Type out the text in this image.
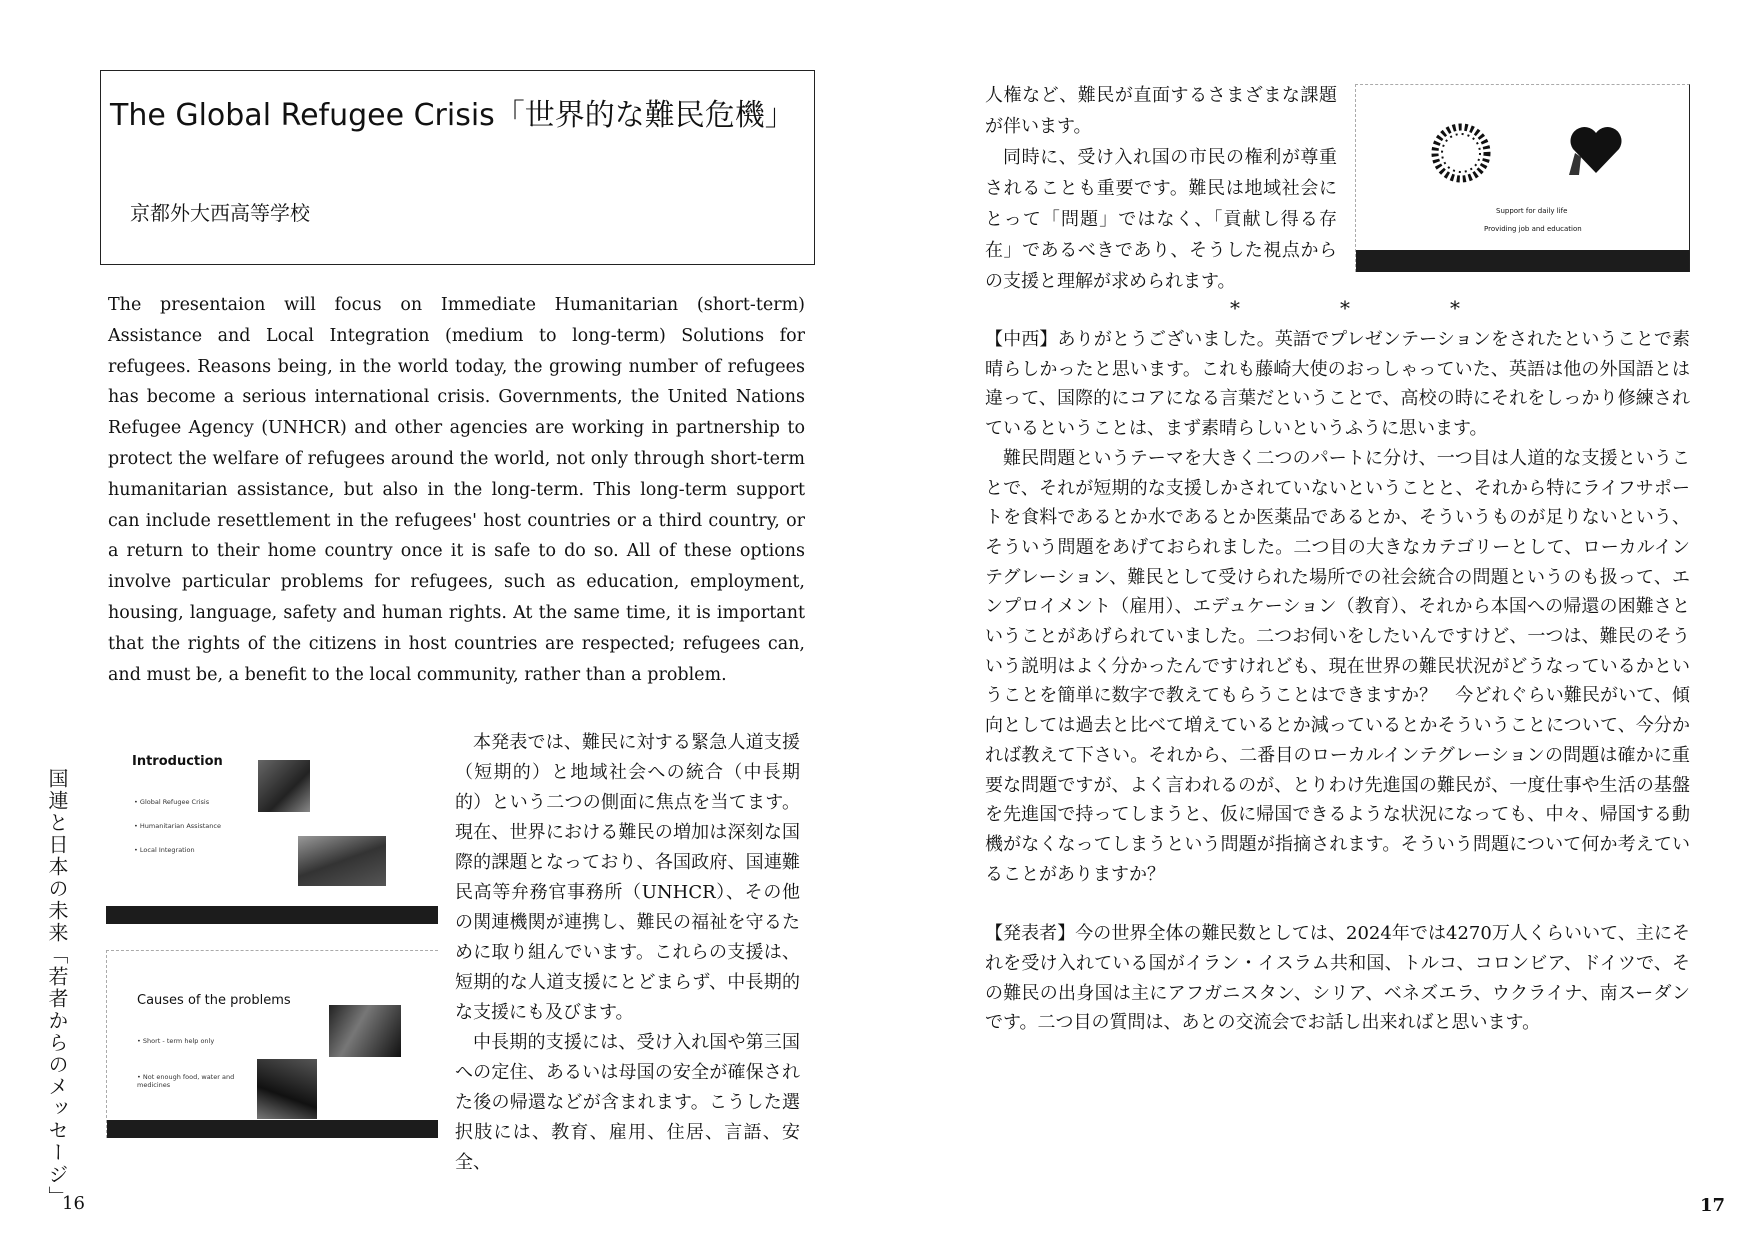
The Global Refugee Crisis「世界的な難民危機」
京都外大西高等学校
The presentaion will focus on Immediate Humanitarian (short-term) Assistance and Local Integration (medium to long-term) Solutions for refugees. Reasons being, in the world today, the growing number of refugees has become a serious international crisis. Governments, the United Nations Refugee Agency (UNHCR) and other agencies are working in partnership to protect the welfare of refugees around the world, not only through short-term humanitarian assistance, but also in the long-term. This long-term support can include resettlement in the refugees' host countries or a third country, or a return to their home country once it is safe to do so. All of these options involve particular problems for refugees, such as education, employment, housing, language, safety and human rights. At the same time, it is important that the rights of the citizens in host countries are respected; refugees can, and must be, a benefit to the local community, rather than a problem.
Introduction
• Global Refugee Crisis
• Humanitarian Assistance
• Local Integration
Causes of the problems
• Short - term help only
• Not enough food, water and medicines

本発表では、難民に対する緊急人道支援（短期的）と地域社会への統合（中長期的）という二つの側面に焦点を当てます。現在、世界における難民の増加は深刻な国際的課題となっており、各国政府、国連難民高等弁務官事務所（UNHCR）、その他の関連機関が連携し、難民の福祉を守るために取り組んでいます。これらの支援は、短期的な人道支援にとどまらず、中長期的な支援にも及びます。

中長期的支援には、受け入れ国や第三国への定住、あるいは母国の安全が確保された後の帰還などが含まれます。こうした選択肢には、教育、雇用、住居、言語、安全、

国連と日本の未来「若者からのメッセージ」
16

人権など、難民が直面するさまざまな課題が伴います。

同時に、受け入れ国の市民の権利が尊重されることも重要です。難民は地域社会にとって「問題」ではなく、「貢献し得る存在」であるべきであり、そうした視点からの支援と理解が求められます。

Support for daily life
Providing job and education
*	*	*

【中西】ありがとうございました。英語でプレゼンテーションをされたということで素晴らしかったと思います。これも藤崎大使のおっしゃっていた、英語は他の外国語とは違って、国際的にコアになる言葉だということで、高校の時にそれをしっかり修練されているということは、まず素晴らしいというふうに思います。

難民問題というテーマを大きく二つのパートに分け、一つ目は人道的な支援ということで、それが短期的な支援しかされていないということと、それから特にライフサポートを食料であるとか水であるとか医薬品であるとか、そういうものが足りないという、そういう問題をあげておられました。二つ目の大きなカテゴリーとして、ローカルインテグレーション、難民として受けられた場所での社会統合の問題というのも扱って、エンプロイメント（雇用）、エデュケーション（教育）、それから本国への帰還の困難さということがあげられていました。二つお伺いをしたいんですけど、一つは、難民のそういう説明はよく分かったんですけれども、現在世界の難民状況がどうなっているかということを簡単に数字で教えてもらうことはできますか？　今どれぐらい難民がいて、傾向としては過去と比べて増えているとか減っているとかそういうことについて、今分かれば教えて下さい。それから、二番目のローカルインテグレーションの問題は確かに重要な問題ですが、よく言われるのが、とりわけ先進国の難民が、一度仕事や生活の基盤を先進国で持ってしまうと、仮に帰国できるような状況になっても、中々、帰国する動機がなくなってしまうという問題が指摘されます。そういう問題について何か考えていることがありますか？

【発表者】今の世界全体の難民数としては、2024年では4270万人くらいいて、主にそれを受け入れている国がイラン・イスラム共和国、トルコ、コロンビア、ドイツで、その難民の出身国は主にアフガニスタン、シリア、ベネズエラ、ウクライナ、南スーダンです。二つ目の質問は、あとの交流会でお話し出来ればと思います。

17
